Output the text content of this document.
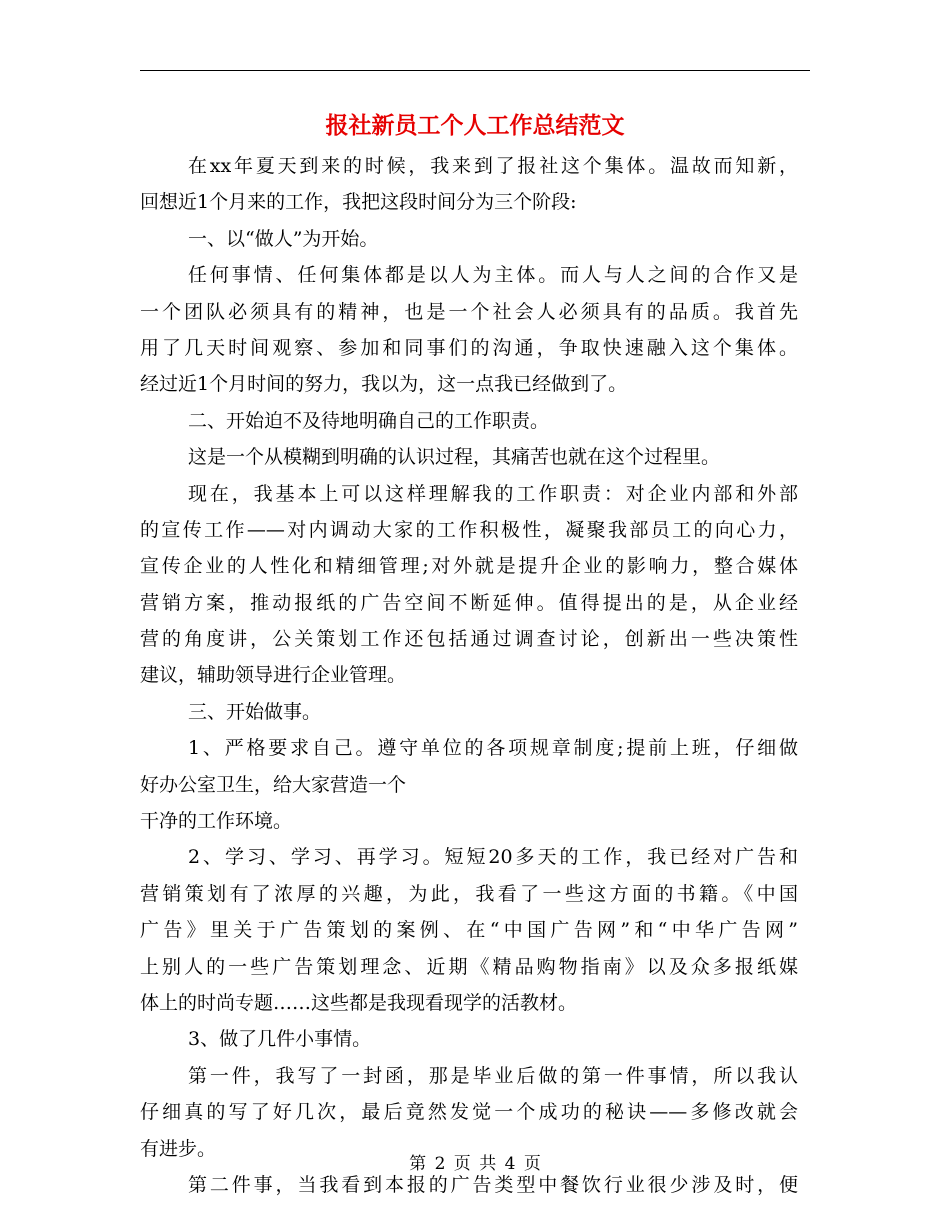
报社新员工个人工作总结范文
在xx年夏天到来的时候，我来到了报社这个集体。温故而知新，
回想近1个月来的工作，我把这段时间分为三个阶段:
一、以“做人”为开始。
任何事情、任何集体都是以人为主体。而人与人之间的合作又是
一个团队必须具有的精神，也是一个社会人必须具有的品质。我首先
用了几天时间观察、参加和同事们的沟通，争取快速融入这个集体。
经过近1个月时间的努力，我以为，这一点我已经做到了。
二、开始迫不及待地明确自己的工作职责。
这是一个从模糊到明确的认识过程，其痛苦也就在这个过程里。
现在，我基本上可以这样理解我的工作职责：对企业内部和外部
的宣传工作——对内调动大家的工作积极性，凝聚我部员工的向心力，
宣传企业的人性化和精细管理;对外就是提升企业的影响力，整合媒体
营销方案，推动报纸的广告空间不断延伸。值得提出的是，从企业经
营的角度讲，公关策划工作还包括通过调查讨论，创新出一些决策性
建议，辅助领导进行企业管理。
三、开始做事。
1、严格要求自己。遵守单位的各项规章制度;提前上班，仔细做
好办公室卫生，给大家营造一个
干净的工作环境。
2、学习、学习、再学习。短短20多天的工作，我已经对广告和
营销策划有了浓厚的兴趣，为此，我看了一些这方面的书籍。《中国
广告》里关于广告策划的案例、在“中国广告网”和“中华广告网”
上别人的一些广告策划理念、近期《精品购物指南》以及众多报纸媒
体上的时尚专题……这些都是我现看现学的活教材。
3、做了几件小事情。
第一件，我写了一封函，那是毕业后做的第一件事情，所以我认
仔细真的写了好几次，最后竟然发觉一个成功的秘诀——多修改就会
有进步。
第二件事，当我看到本报的广告类型中餐饮行业很少涉及时，便
第 2 页 共 4 页
